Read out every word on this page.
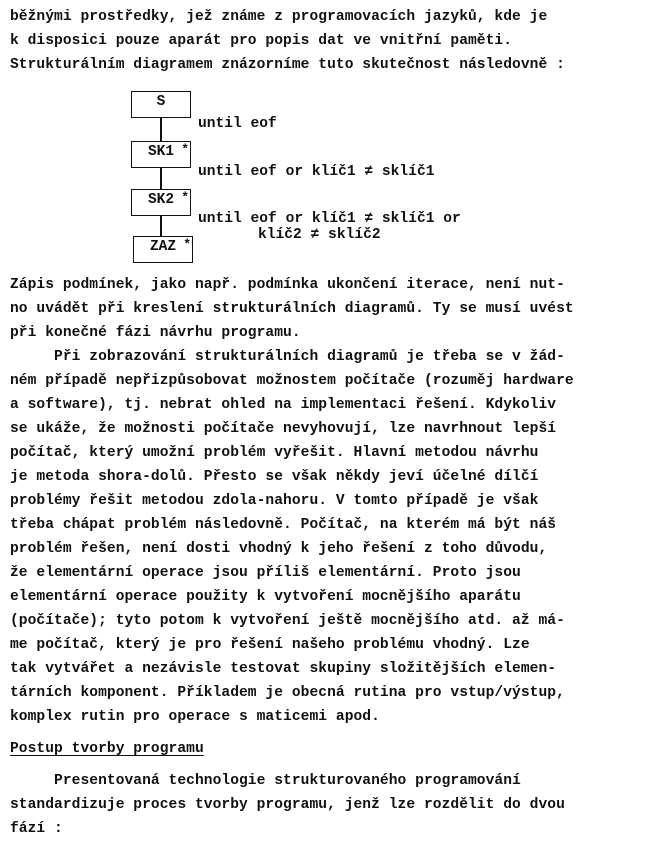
běžnými prostředky, jež známe z programovacích jazyků, kde je
k disposici pouze aparát pro popis dat ve vnitřní paměti.
Strukturálním diagramem znázorníme tuto skutečnost následovně :
S
SK1 *
SK2 *
ZAZ *
until eof
until eof or klíč1 ≠ sklíč1
until eof or klíč1 ≠ sklíč1 or
klíč2 ≠ sklíč2
Zápis podmínek, jako např. podmínka ukončení iterace, není nut-
no uvádět při kreslení strukturálních diagramů. Ty se musí uvést
při konečné fázi návrhu programu.
Při zobrazování strukturálních diagramů je třeba se v žád-
ném případě nepřizpůsobovat možnostem počítače (rozuměj hardware
a software), tj. nebrat ohled na implementaci řešení. Kdykoliv
se ukáže, že možnosti počítače nevyhovují, lze navrhnout lepší
počítač, který umožní problém vyřešit. Hlavní metodou návrhu
je metoda shora-dolů. Přesto se však někdy jeví účelné dílčí
problémy řešit metodou zdola-nahoru. V tomto případě je však
třeba chápat problém následovně. Počítač, na kterém má být náš
problém řešen, není dosti vhodný k jeho řešení z toho důvodu,
že elementární operace jsou příliš elementární. Proto jsou
elementární operace použity k vytvoření mocnějšího aparátu
(počítače); tyto potom k vytvoření ještě mocnějšího atd. až má-
me počítač, který je pro řešení našeho problému vhodný. Lze
tak vytvářet a nezávisle testovat skupiny složitějších elemen-
tárních komponent. Příkladem je obecná rutina pro vstup/výstup,
komplex rutin pro operace s maticemi apod.
Postup tvorby programu
Presentovaná technologie strukturovaného programování
standardizuje proces tvorby programu, jenž lze rozdělit do dvou
fází :
